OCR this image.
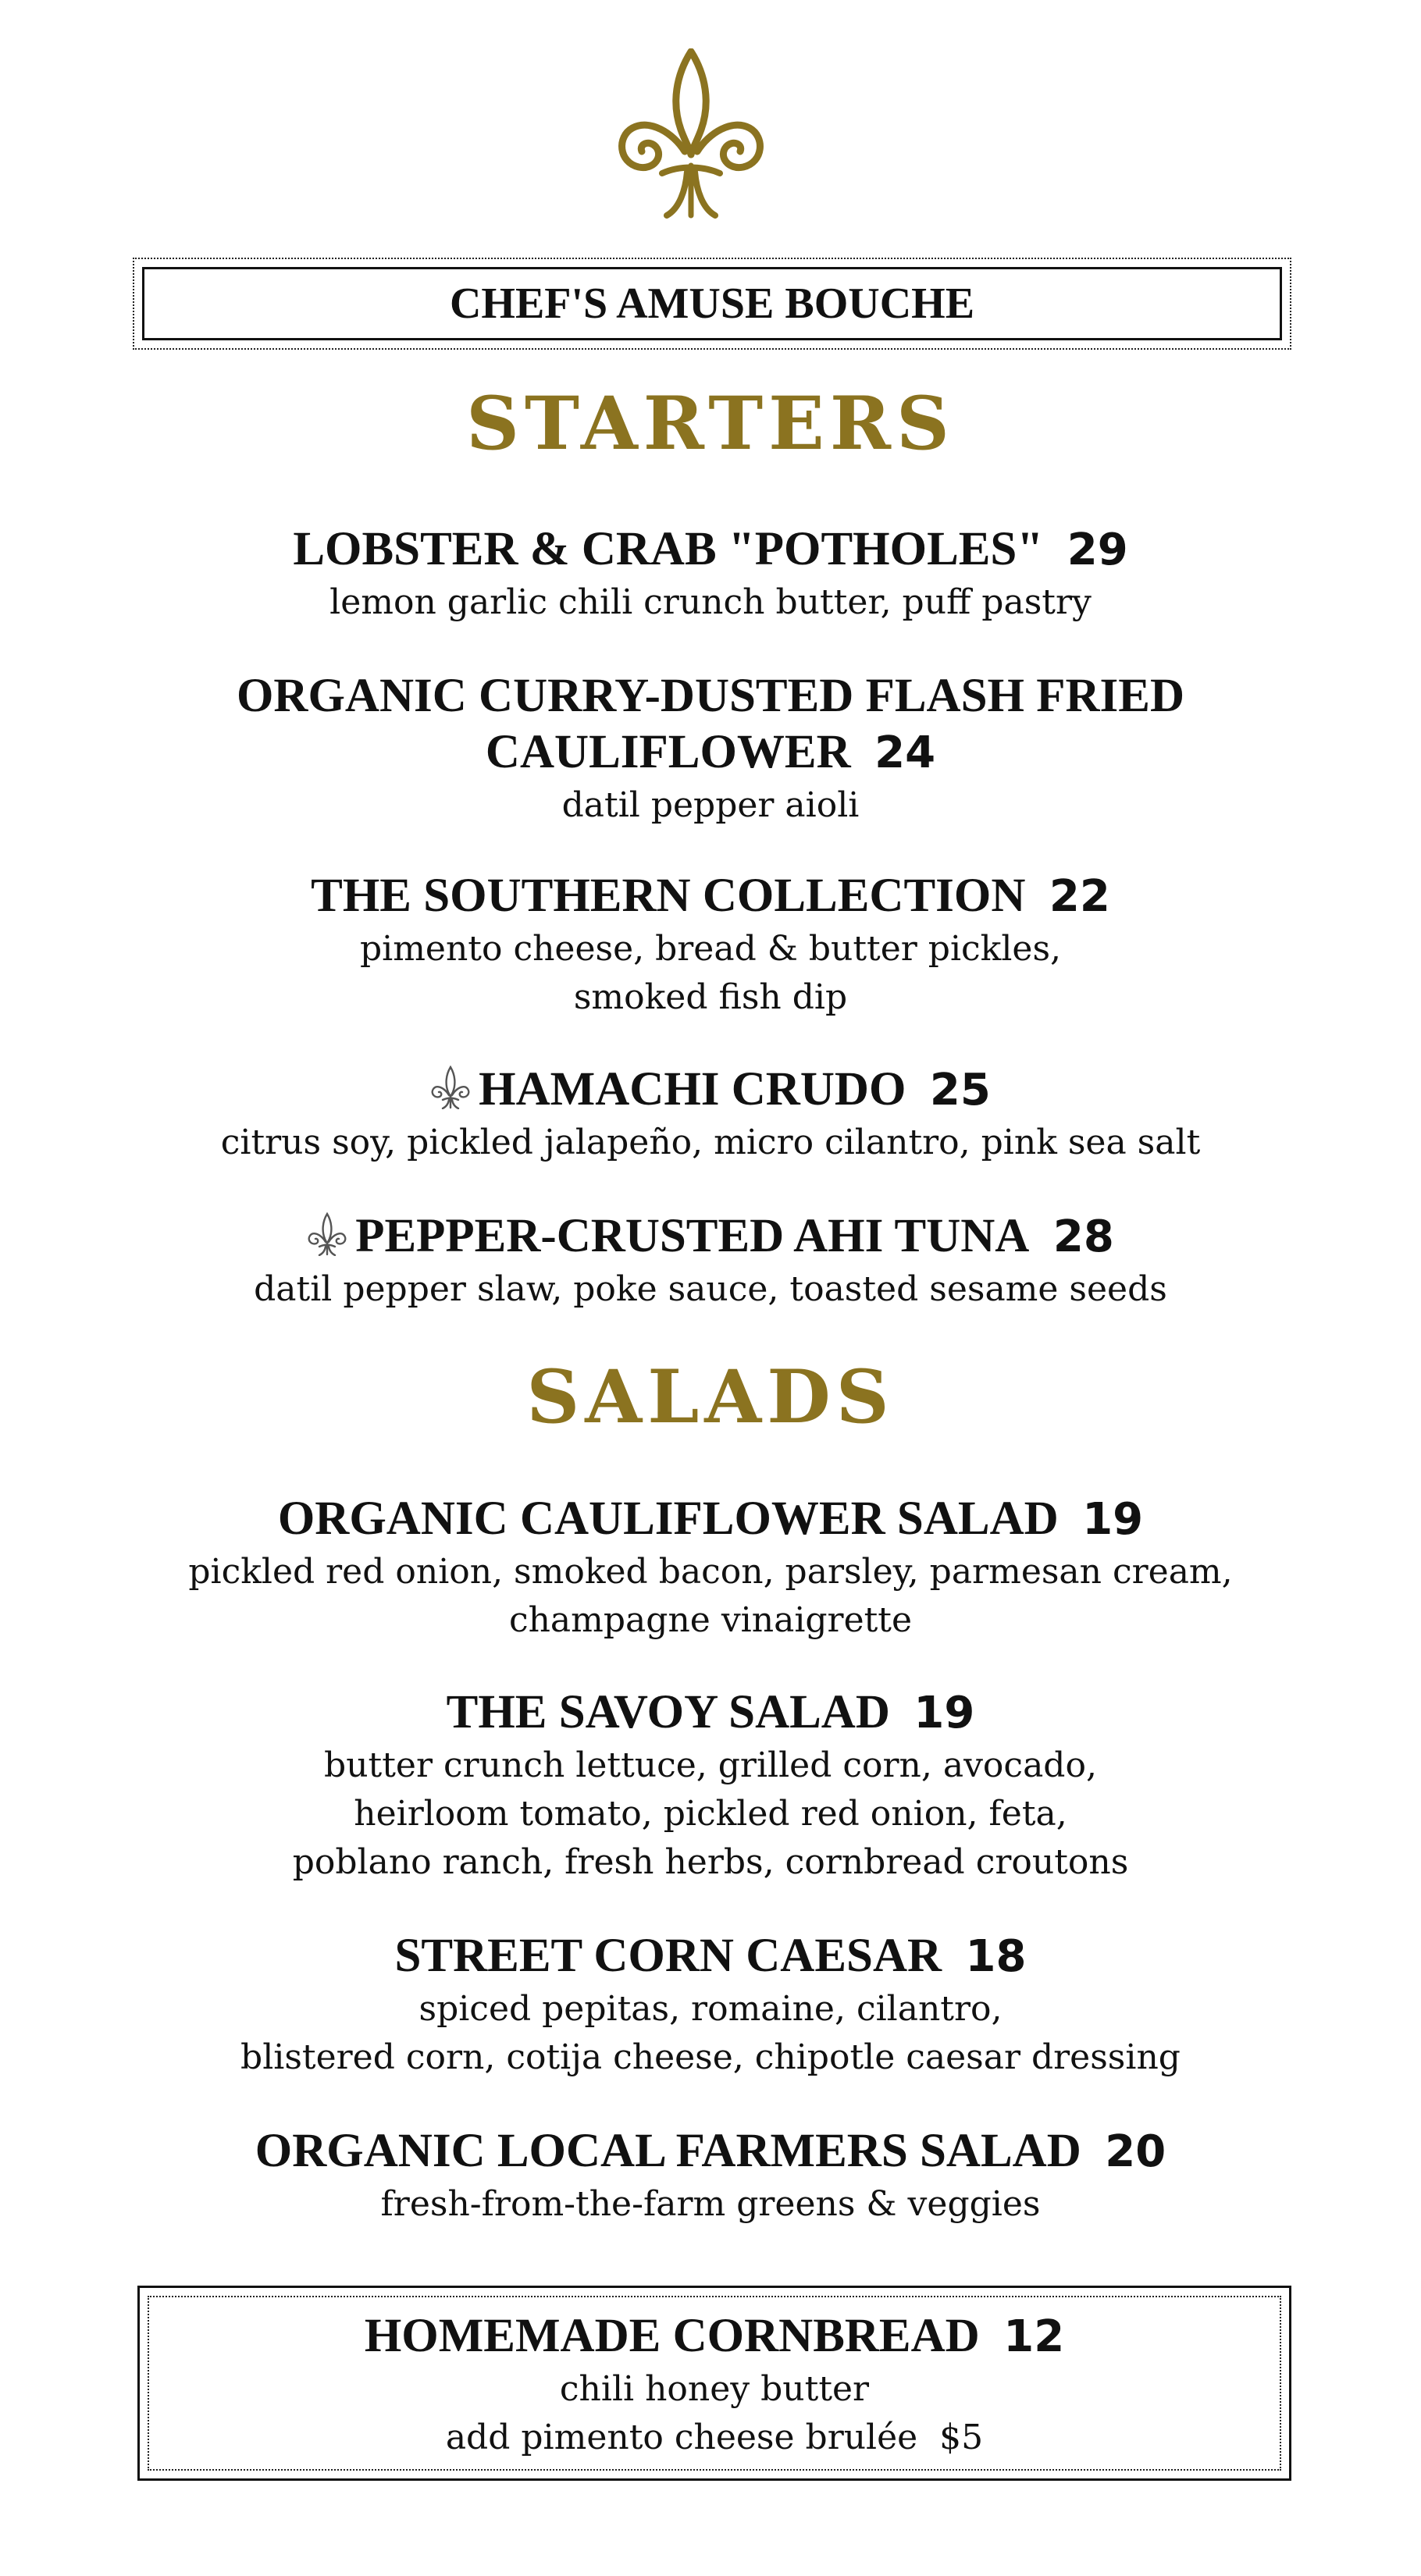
CHEF'S AMUSE BOUCHE
STARTERS
LOBSTER & CRAB "POTHOLES" 29
lemon garlic chili crunch butter, puff pastry
ORGANIC CURRY-DUSTED FLASH FRIED
CAULIFLOWER 24
datil pepper aioli
THE SOUTHERN COLLECTION 22
pimento cheese, bread & butter pickles,
smoked fish dip
HAMACHI CRUDO 25
citrus soy, pickled jalapeño, micro cilantro, pink sea salt
PEPPER-CRUSTED AHI TUNA 28
datil pepper slaw, poke sauce, toasted sesame seeds
SALADS
ORGANIC CAULIFLOWER SALAD 19
pickled red onion, smoked bacon, parsley, parmesan cream,
champagne vinaigrette
THE SAVOY SALAD 19
butter crunch lettuce, grilled corn, avocado,
heirloom tomato, pickled red onion, feta,
poblano ranch, fresh herbs, cornbread croutons
STREET CORN CAESAR 18
spiced pepitas, romaine, cilantro,
blistered corn, cotija cheese, chipotle caesar dressing
ORGANIC LOCAL FARMERS SALAD 20
fresh-from-the-farm greens & veggies
HOMEMADE CORNBREAD 12
chili honey butter
add pimento cheese brulée  $5
